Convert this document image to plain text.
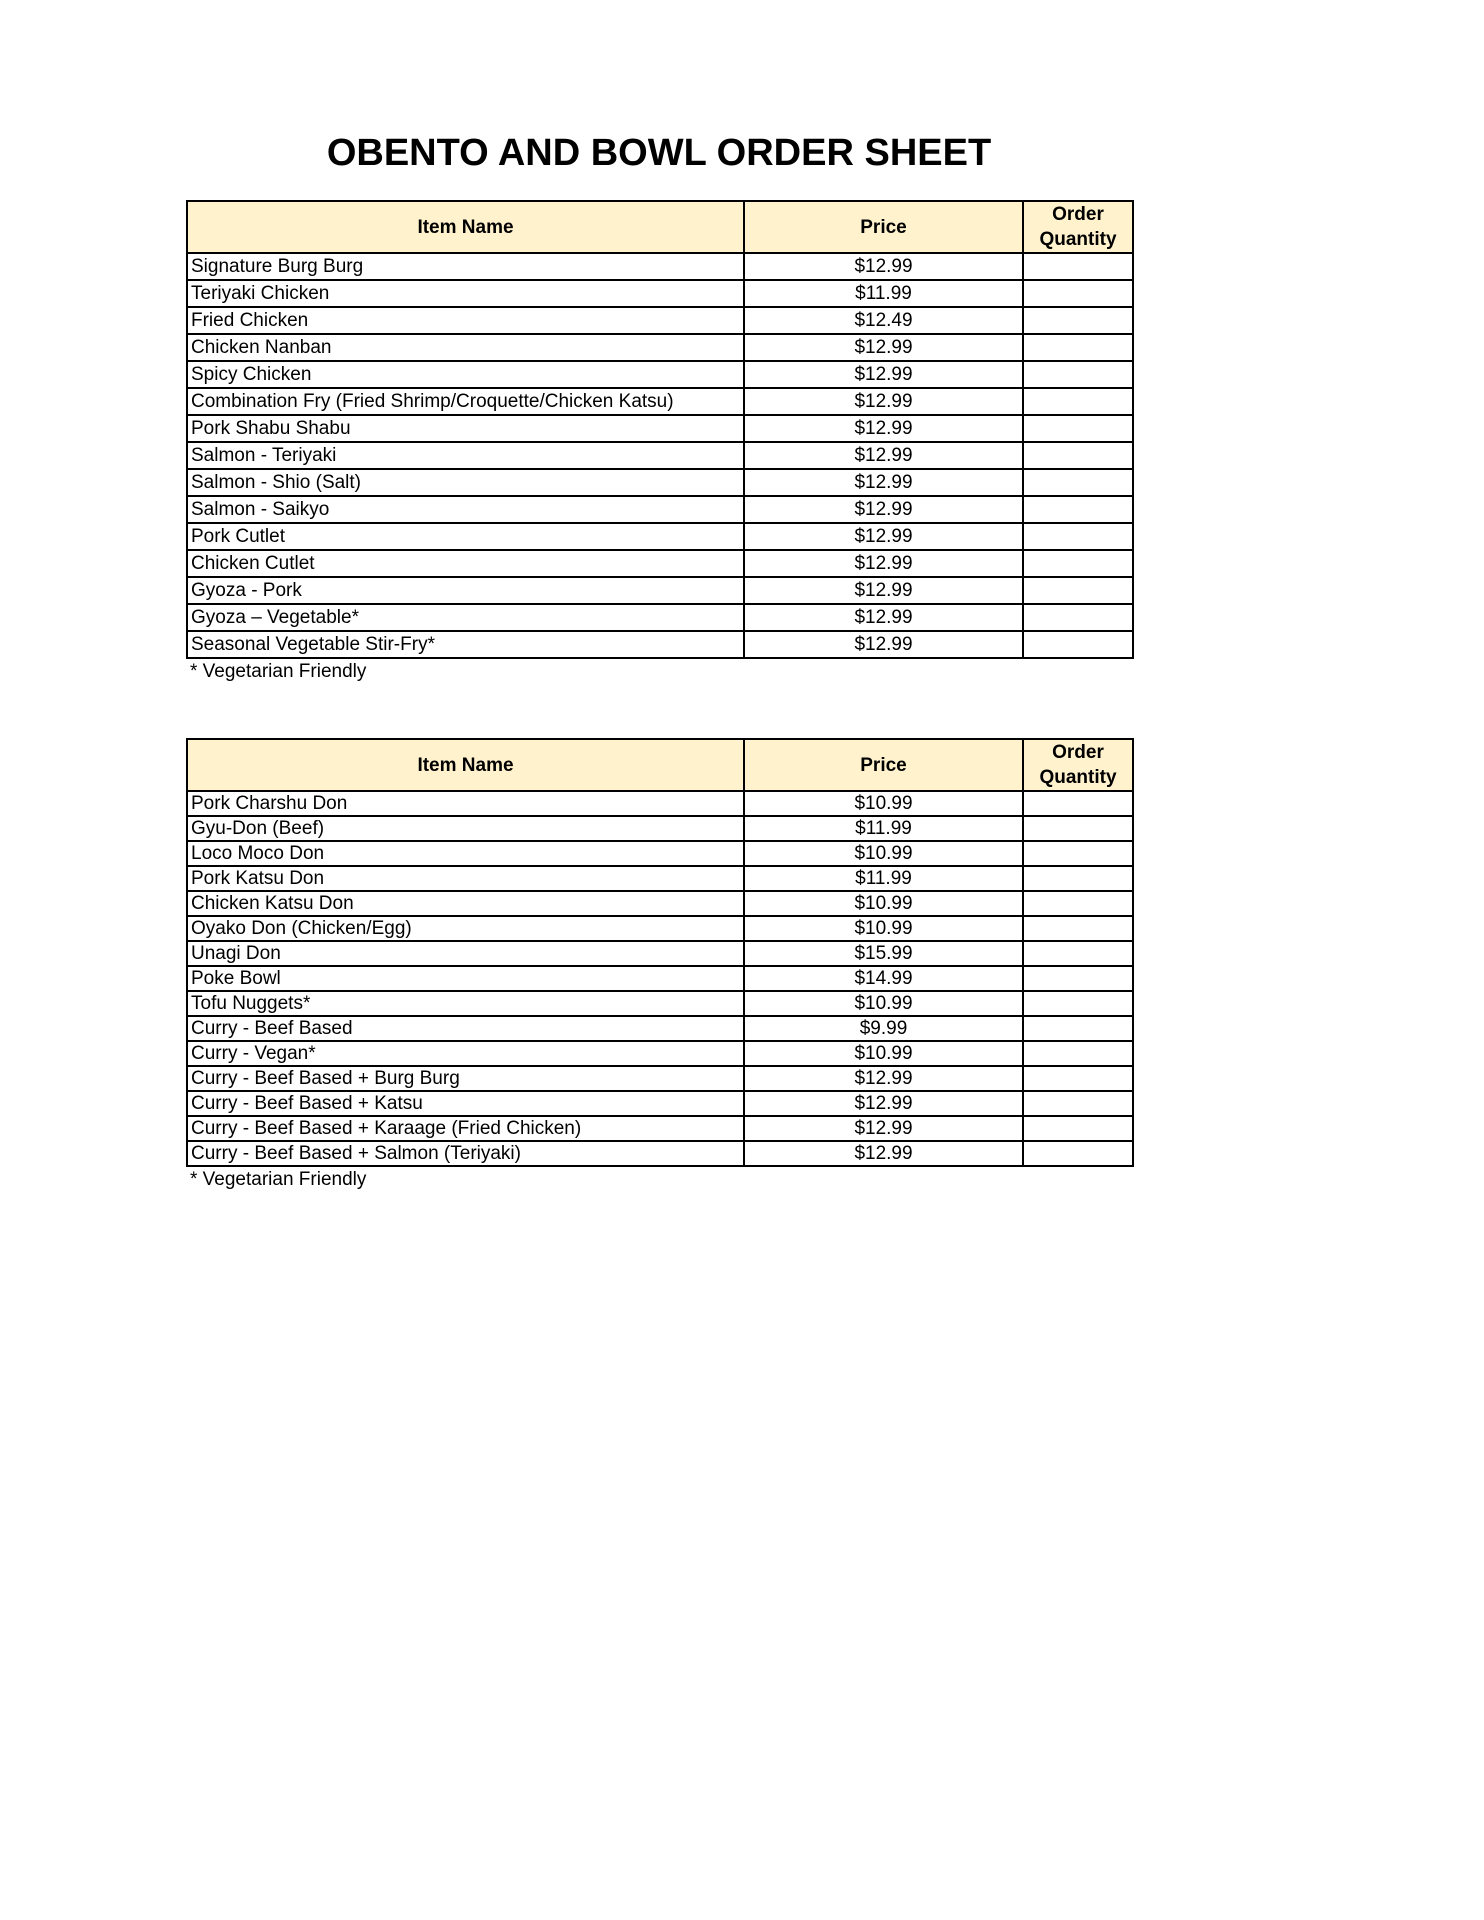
OBENTO AND BOWL ORDER SHEET
Item Name	Price	Order Quantity
Signature Burg Burg	$12.99	
Teriyaki Chicken	$11.99	
Fried Chicken	$12.49	
Chicken Nanban	$12.99	
Spicy Chicken	$12.99	
Combination Fry (Fried Shrimp/Croquette/Chicken Katsu)	$12.99	
Pork Shabu Shabu	$12.99	
Salmon - Teriyaki	$12.99	
Salmon - Shio (Salt)	$12.99	
Salmon - Saikyo	$12.99	
Pork Cutlet	$12.99	
Chicken Cutlet	$12.99	
Gyoza - Pork	$12.99	
Gyoza – Vegetable*	$12.99	
Seasonal Vegetable Stir-Fry*	$12.99	
* Vegetarian Friendly
Item Name	Price	Order Quantity
Pork Charshu Don	$10.99	
Gyu-Don (Beef)	$11.99	
Loco Moco Don	$10.99	
Pork Katsu Don	$11.99	
Chicken Katsu Don	$10.99	
Oyako Don (Chicken/Egg)	$10.99	
Unagi Don	$15.99	
Poke Bowl	$14.99	
Tofu Nuggets*	$10.99	
Curry - Beef Based	$9.99	
Curry - Vegan*	$10.99	
Curry - Beef Based + Burg Burg	$12.99	
Curry - Beef Based + Katsu	$12.99	
Curry - Beef Based + Karaage (Fried Chicken)	$12.99	
Curry - Beef Based + Salmon (Teriyaki)	$12.99	
* Vegetarian Friendly
